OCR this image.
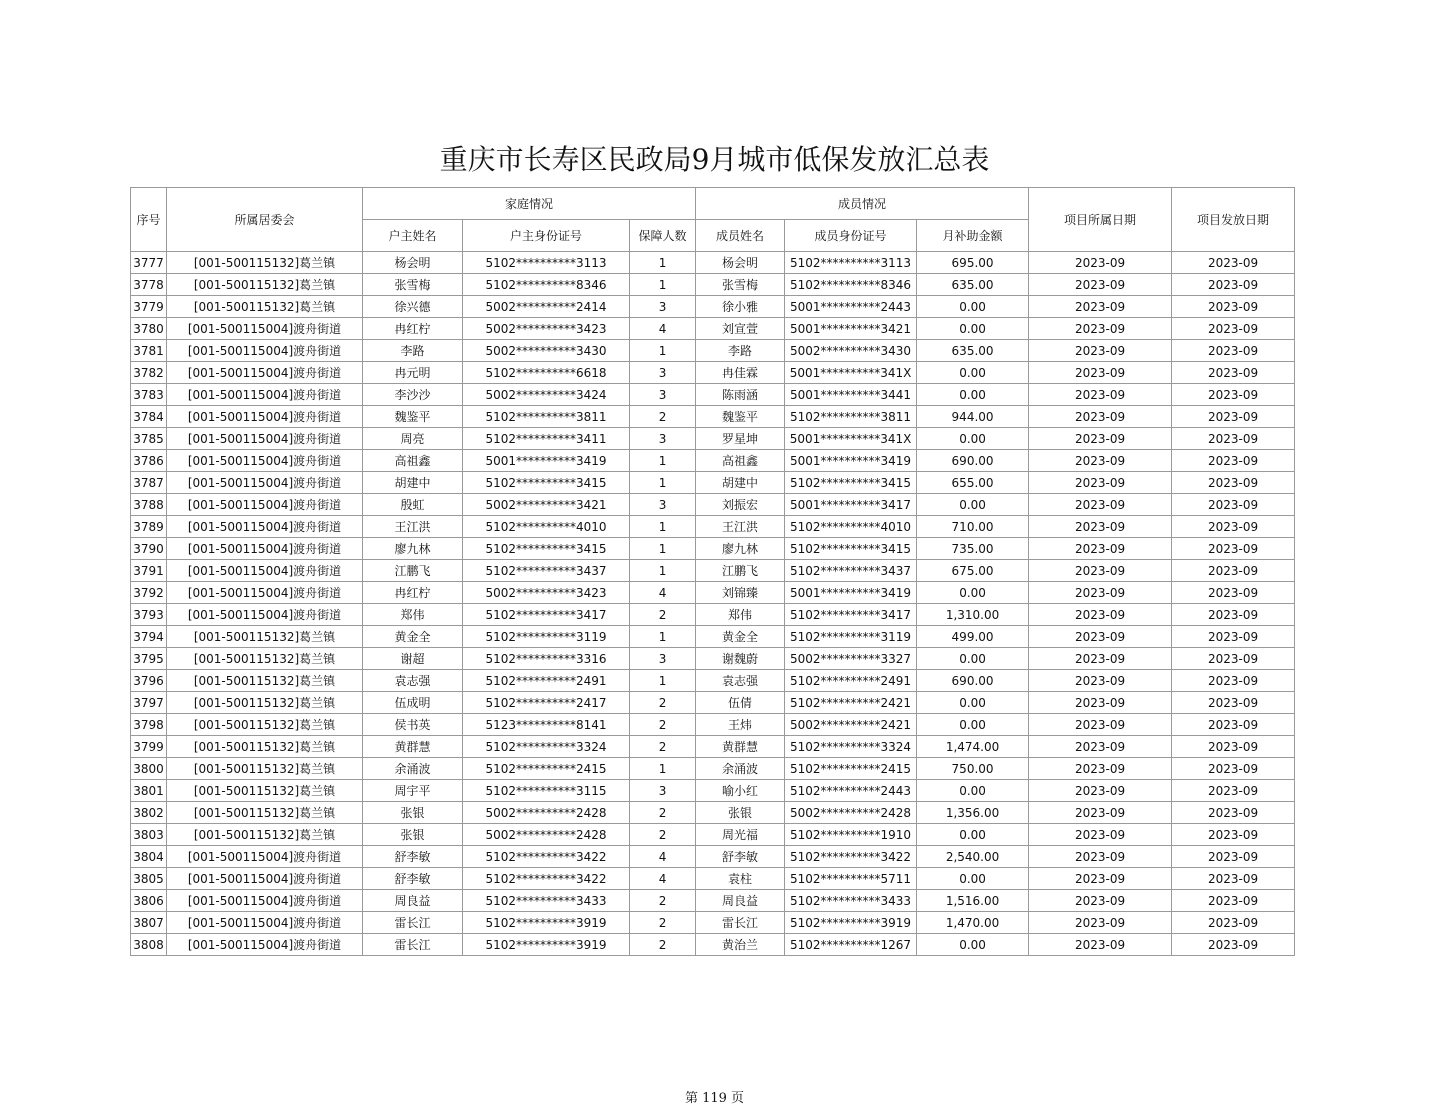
重庆市长寿区民政局9月城市低保发放汇总表
序号	所属居委会	家庭情况			成员情况			项目所属日期	项目发放日期
		户主姓名	户主身份证号	保障人数	成员姓名	成员身份证号	月补助金额		
3777	[001-500115132]葛兰镇	杨会明	5102**********3113	1	杨会明	5102**********3113	695.00	2023-09	2023-09
3778	[001-500115132]葛兰镇	张雪梅	5102**********8346	1	张雪梅	5102**********8346	635.00	2023-09	2023-09
3779	[001-500115132]葛兰镇	徐兴德	5002**********2414	3	徐小雅	5001**********2443	0.00	2023-09	2023-09
3780	[001-500115004]渡舟街道	冉红柠	5002**********3423	4	刘宣萱	5001**********3421	0.00	2023-09	2023-09
3781	[001-500115004]渡舟街道	李路	5002**********3430	1	李路	5002**********3430	635.00	2023-09	2023-09
3782	[001-500115004]渡舟街道	冉元明	5102**********6618	3	冉佳霖	5001**********341X	0.00	2023-09	2023-09
3783	[001-500115004]渡舟街道	李沙沙	5002**********3424	3	陈雨涵	5001**********3441	0.00	2023-09	2023-09
3784	[001-500115004]渡舟街道	魏鉴平	5102**********3811	2	魏鉴平	5102**********3811	944.00	2023-09	2023-09
3785	[001-500115004]渡舟街道	周亮	5102**********3411	3	罗星坤	5001**********341X	0.00	2023-09	2023-09
3786	[001-500115004]渡舟街道	高祖鑫	5001**********3419	1	高祖鑫	5001**********3419	690.00	2023-09	2023-09
3787	[001-500115004]渡舟街道	胡建中	5102**********3415	1	胡建中	5102**********3415	655.00	2023-09	2023-09
3788	[001-500115004]渡舟街道	殷虹	5002**********3421	3	刘振宏	5001**********3417	0.00	2023-09	2023-09
3789	[001-500115004]渡舟街道	王江洪	5102**********4010	1	王江洪	5102**********4010	710.00	2023-09	2023-09
3790	[001-500115004]渡舟街道	廖九林	5102**********3415	1	廖九林	5102**********3415	735.00	2023-09	2023-09
3791	[001-500115004]渡舟街道	江鹏飞	5102**********3437	1	江鹏飞	5102**********3437	675.00	2023-09	2023-09
3792	[001-500115004]渡舟街道	冉红柠	5002**********3423	4	刘锦臻	5001**********3419	0.00	2023-09	2023-09
3793	[001-500115004]渡舟街道	郑伟	5102**********3417	2	郑伟	5102**********3417	1,310.00	2023-09	2023-09
3794	[001-500115132]葛兰镇	黄金全	5102**********3119	1	黄金全	5102**********3119	499.00	2023-09	2023-09
3795	[001-500115132]葛兰镇	谢超	5102**********3316	3	谢魏蔚	5002**********3327	0.00	2023-09	2023-09
3796	[001-500115132]葛兰镇	袁志强	5102**********2491	1	袁志强	5102**********2491	690.00	2023-09	2023-09
3797	[001-500115132]葛兰镇	伍成明	5102**********2417	2	伍倩	5102**********2421	0.00	2023-09	2023-09
3798	[001-500115132]葛兰镇	侯书英	5123**********8141	2	王炜	5002**********2421	0.00	2023-09	2023-09
3799	[001-500115132]葛兰镇	黄群慧	5102**********3324	2	黄群慧	5102**********3324	1,474.00	2023-09	2023-09
3800	[001-500115132]葛兰镇	余涌波	5102**********2415	1	余涌波	5102**********2415	750.00	2023-09	2023-09
3801	[001-500115132]葛兰镇	周宇平	5102**********3115	3	喻小红	5102**********2443	0.00	2023-09	2023-09
3802	[001-500115132]葛兰镇	张银	5002**********2428	2	张银	5002**********2428	1,356.00	2023-09	2023-09
3803	[001-500115132]葛兰镇	张银	5002**********2428	2	周光福	5102**********1910	0.00	2023-09	2023-09
3804	[001-500115004]渡舟街道	舒李敏	5102**********3422	4	舒李敏	5102**********3422	2,540.00	2023-09	2023-09
3805	[001-500115004]渡舟街道	舒李敏	5102**********3422	4	袁柱	5102**********5711	0.00	2023-09	2023-09
3806	[001-500115004]渡舟街道	周良益	5102**********3433	2	周良益	5102**********3433	1,516.00	2023-09	2023-09
3807	[001-500115004]渡舟街道	雷长江	5102**********3919	2	雷长江	5102**********3919	1,470.00	2023-09	2023-09
3808	[001-500115004]渡舟街道	雷长江	5102**********3919	2	黄治兰	5102**********1267	0.00	2023-09	2023-09
第 119 页
